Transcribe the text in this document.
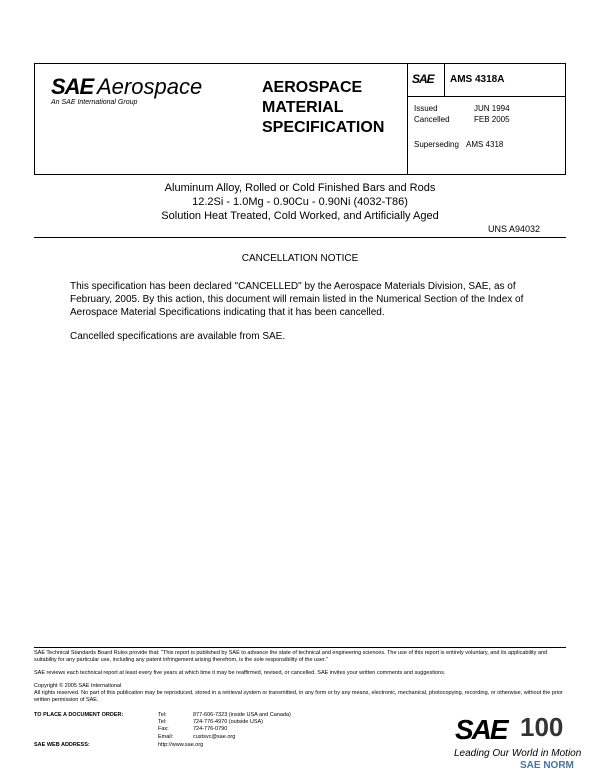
SAE Aerospace
An SAE International Group
AEROSPACE
MATERIAL
SPECIFICATION
SAE AMS 4318A
Issued	JUN 1994
Cancelled	FEB 2005
Superseding AMS 4318
Aluminum Alloy, Rolled or Cold Finished Bars and Rods
12.2Si - 1.0Mg - 0.90Cu - 0.90Ni (4032-T86)
Solution Heat Treated, Cold Worked, and Artificially Aged
UNS A94032
CANCELLATION NOTICE
This specification has been declared "CANCELLED" by the Aerospace Materials Division, SAE, as of February, 2005. By this action, this document will remain listed in the Numerical Section of the Index of Aerospace Material Specifications indicating that it has been cancelled.
Cancelled specifications are available from SAE.
SAE Technical Standards Board Rules provide that: "This report is published by SAE to advance the state of technical and engineering sciences. The use of this report is entirely voluntary, and its applicability and suitability for any particular use, including any patent infringement arising therefrom, is the sole responsibility of the user."
SAE reviews each technical report at least every five years at which time it may be reaffirmed, revised, or cancelled. SAE invites your written comments and suggestions.
Copyright © 2005 SAE International
All rights reserved. No part of this publication may be reproduced, stored in a retrieval system or transmitted, in any form or by any means, electronic, mechanical, photocopying, recording, or otherwise, without the prior written permission of SAE.
TO PLACE A DOCUMENT ORDER:	Tel:	877-606-7323 (inside USA and Canada)
Tel:	724-776-4970 (outside USA)
Fax:	724-776-0790
Email:	custsvc@sae.org
SAE WEB ADDRESS:	http://www.sae.org	SAE 100
Leading Our World in Motion
SAE NORM
